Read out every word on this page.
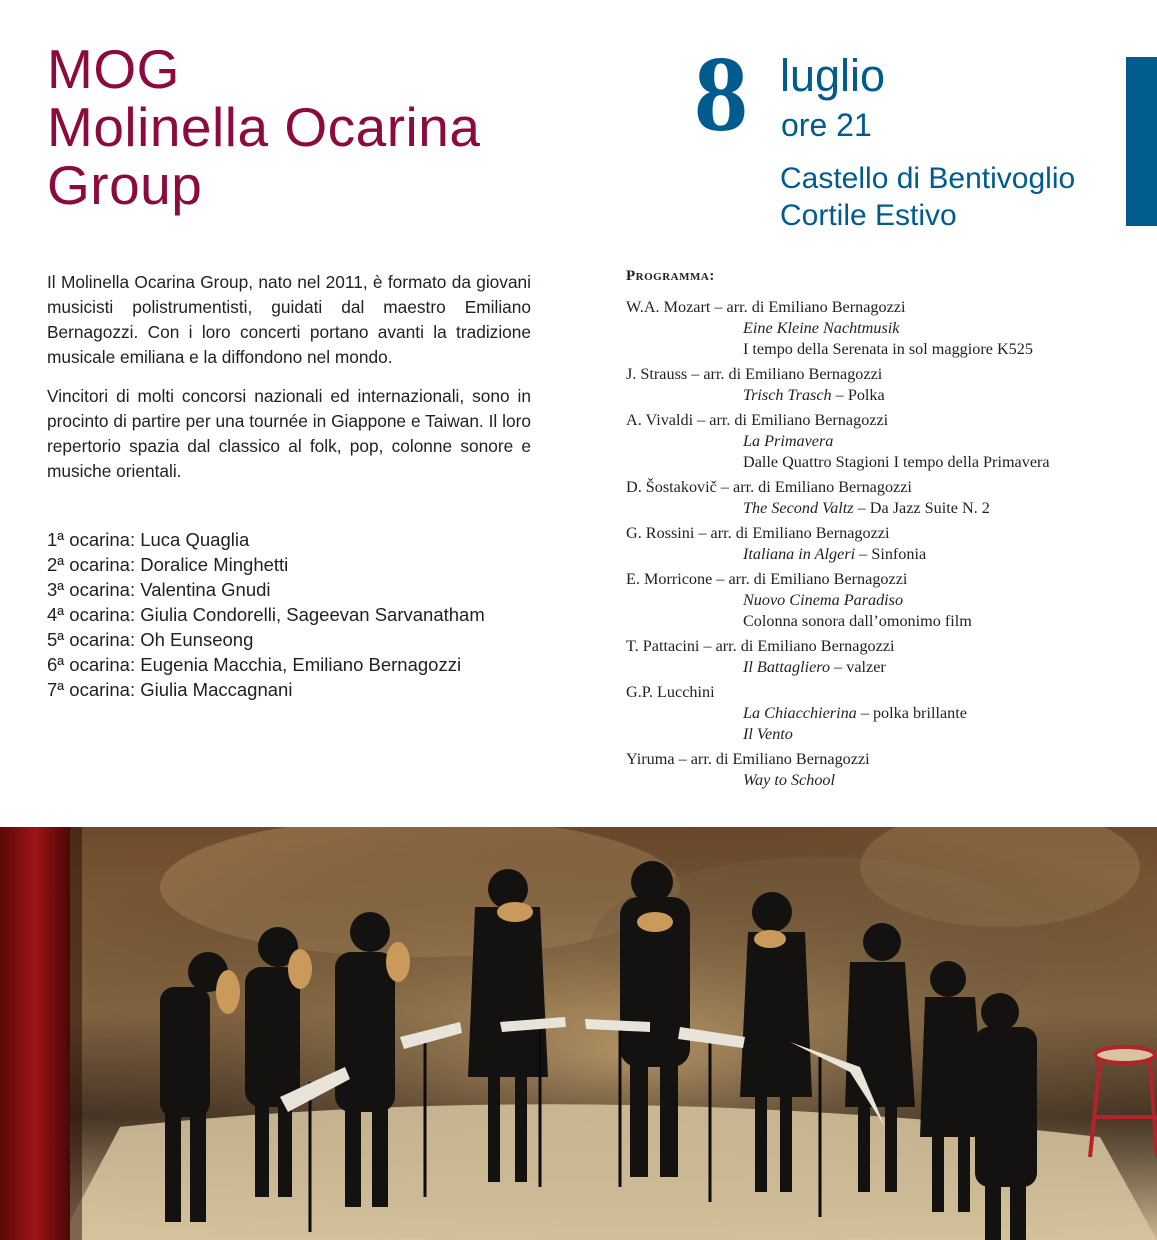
MOG
Molinella Ocarina
Group
8 luglio
ore 21
Castello di Bentivoglio
Cortile Estivo

Il Molinella Ocarina Group, nato nel 2011, è formato da giovani musicisti polistrumentisti, guidati dal maestro Emiliano Bernagozzi. Con i loro concerti portano avanti la tradizione musicale emiliana e la diffondono nel mondo.

Vincitori di molti concorsi nazionali ed internazionali, sono in procinto di partire per una tournée in Giappone e Taiwan. Il loro repertorio spazia dal classico al folk, pop, colonne sonore e musiche orientali.

1ª ocarina: Luca Quaglia
2ª ocarina: Doralice Minghetti
3ª ocarina: Valentina Gnudi
4ª ocarina: Giulia Condorelli, Sageevan Sarvanatham
5ª ocarina: Oh Eunseong
6ª ocarina: Eugenia Macchia, Emiliano Bernagozzi
7ª ocarina: Giulia Maccagnani
Programma:
W.A. Mozart – arr. di Emiliano Bernagozzi
Eine Kleine Nachtmusik
I tempo della Serenata in sol maggiore K525
J. Strauss – arr. di Emiliano Bernagozzi
Trisch Trasch – Polka
A. Vivaldi – arr. di Emiliano Bernagozzi
La Primavera
Dalle Quattro Stagioni I tempo della Primavera
D. Šostakovič – arr. di Emiliano Bernagozzi
The Second Valtz – Da Jazz Suite N. 2
G. Rossini – arr. di Emiliano Bernagozzi
Italiana in Algeri – Sinfonia
E. Morricone – arr. di Emiliano Bernagozzi
Nuovo Cinema Paradiso
Colonna sonora dall’omonimo film
T. Pattacini – arr. di Emiliano Bernagozzi
Il Battagliero – valzer
G.P. Lucchini
La Chiacchierina – polka brillante
Il Vento
Yiruma – arr. di Emiliano Bernagozzi
Way to School
